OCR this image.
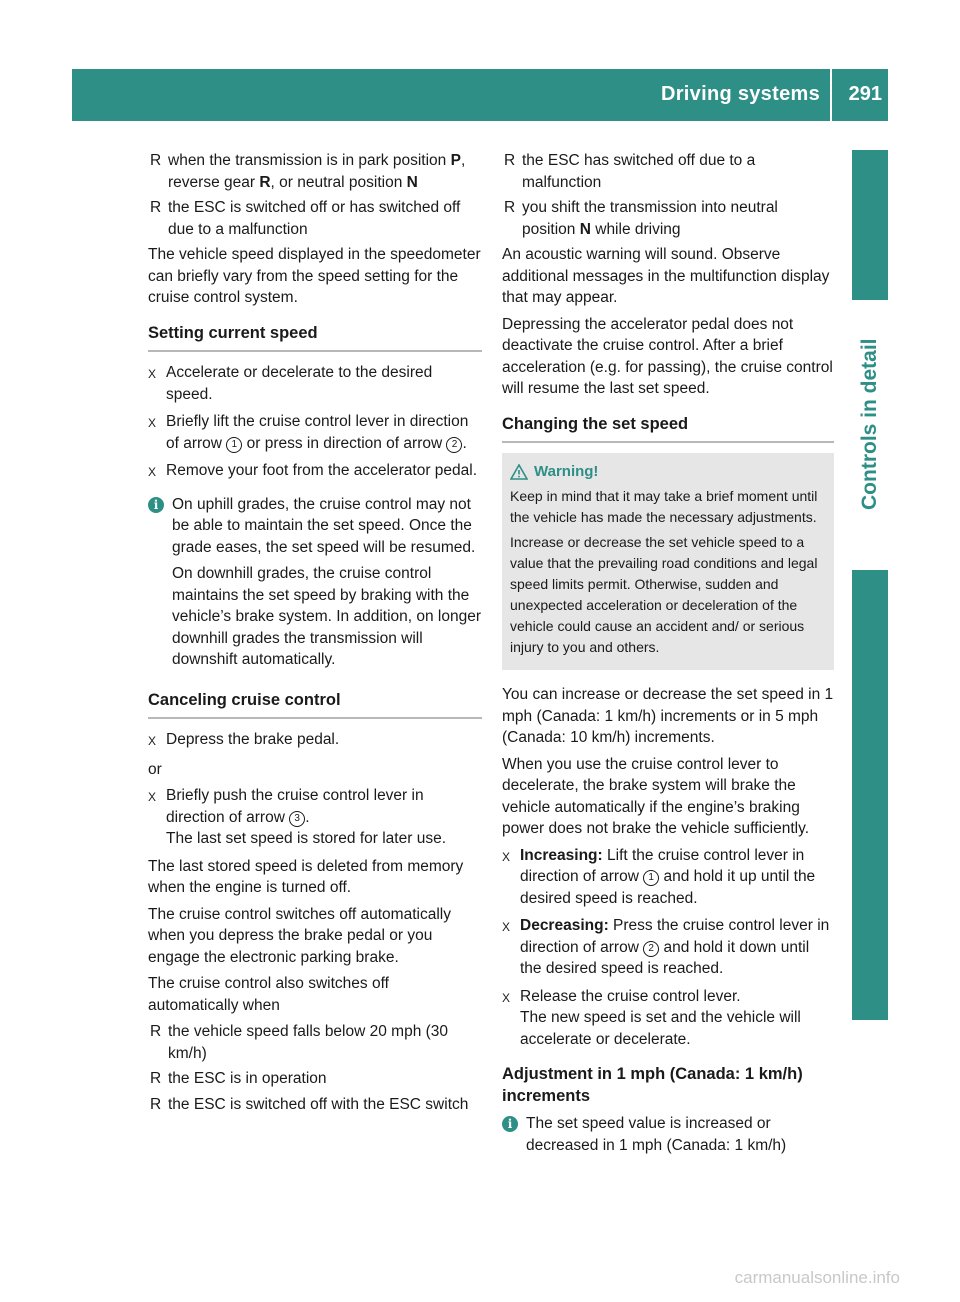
Driving systems 291
Controls in detail
R when the transmission is in park position P, reverse gear R, or neutral position N
R the ESC is switched off or has switched off due to a malfunction

The vehicle speed displayed in the speedometer can briefly vary from the speed setting for the cruise control system.

Setting current speed
X Accelerate or decelerate to the desired speed.
X Briefly lift the cruise control lever in direction of arrow 1 or press in direction of arrow 2 .
X Remove your foot from the accelerator pedal.
i On uphill grades, the cruise control may not be able to maintain the set speed. Once the grade eases, the set speed will be resumed.

On downhill grades, the cruise control maintains the set speed by braking with the vehicle’s brake system. In addition, on longer downhill grades the transmission will downshift automatically.

Canceling cruise control
X Depress the brake pedal.

or

X Briefly push the cruise control lever in direction of arrow 3 .
The last set speed is stored for later use.

The last stored speed is deleted from memory when the engine is turned off.

The cruise control switches off automatically when you depress the brake pedal or you engage the electronic parking brake.

The cruise control also switches off automatically when

R the vehicle speed falls below 20 mph (30 km/h)
R the ESC is in operation
R the ESC is switched off with the ESC switch
R the ESC has switched off due to a malfunction
R you shift the transmission into neutral position N while driving

An acoustic warning will sound. Observe additional messages in the multifunction display that may appear.

Depressing the accelerator pedal does not deactivate the cruise control. After a brief acceleration (e.g. for passing), the cruise control will resume the last set speed.

Changing the set speed
Warning!

Keep in mind that it may take a brief moment until the vehicle has made the necessary adjustments.

Increase or decrease the set vehicle speed to a value that the prevailing road conditions and legal speed limits permit. Otherwise, sudden and unexpected acceleration or deceleration of the vehicle could cause an accident and/ or serious injury to you and others.

You can increase or decrease the set speed in 1 mph (Canada: 1 km/h) increments or in 5 mph (Canada: 10 km/h) increments.

When you use the cruise control lever to decelerate, the brake system will brake the vehicle automatically if the engine’s braking power does not brake the vehicle sufficiently.

X Increasing: Lift the cruise control lever in direction of arrow 1 and hold it up until the desired speed is reached.
X Decreasing: Press the cruise control lever in direction of arrow 2 and hold it down until the desired speed is reached.
X Release the cruise control lever.
The new speed is set and the vehicle will accelerate or decelerate.
Adjustment in 1 mph (Canada: 1 km/h) increments
i The set speed value is increased or decreased in 1 mph (Canada: 1 km/h)

carmanualsonline.info
